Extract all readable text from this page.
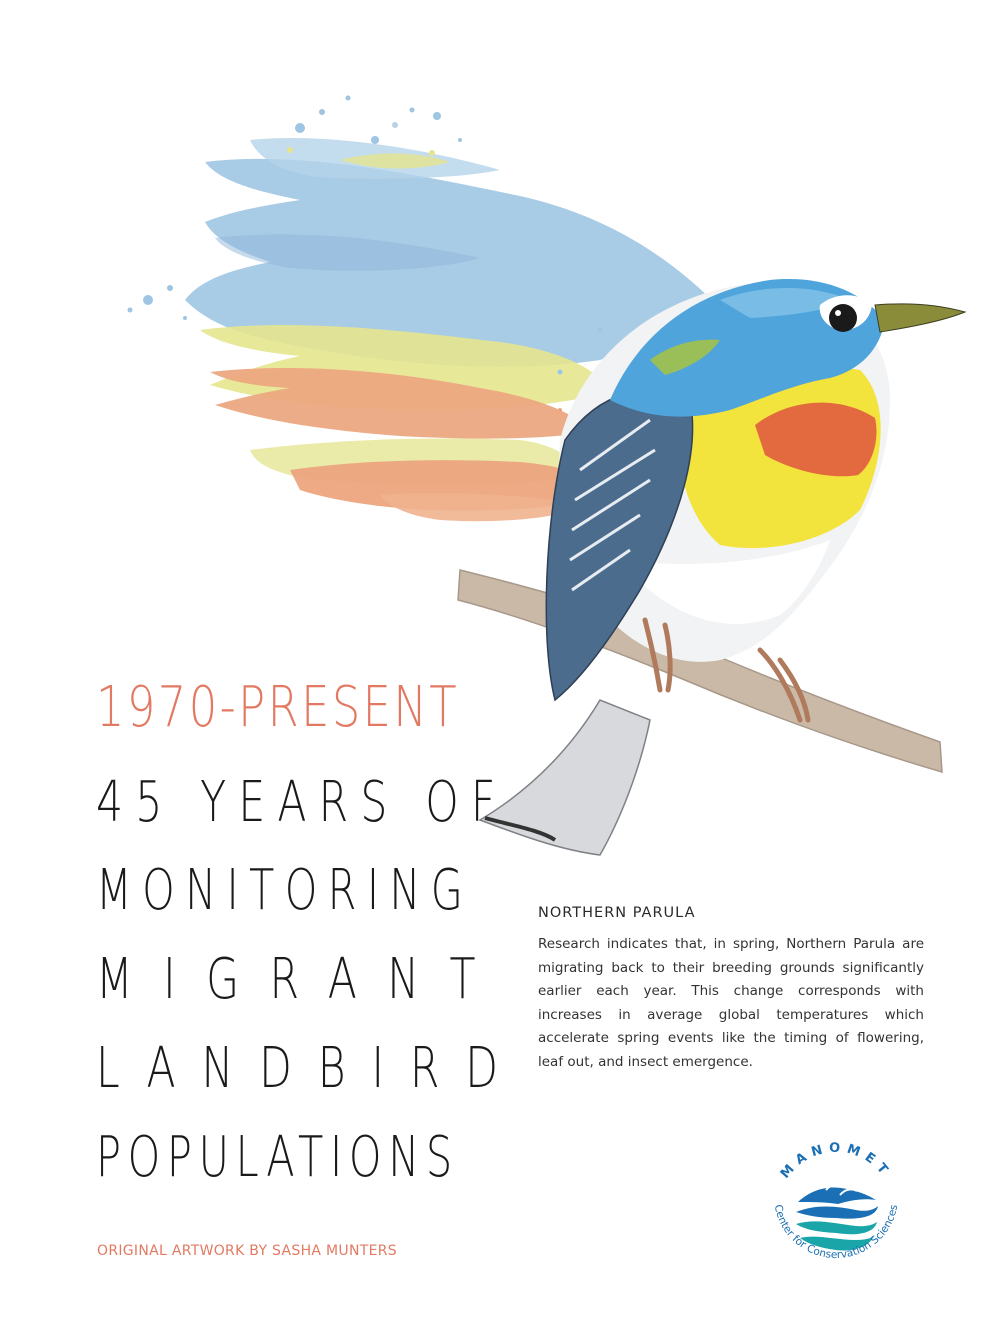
1970-PRESENT
45 YEARS OF
MONITORING
MIGRANT
LANDBIRD
POPULATIONS
ORIGINAL ARTWORK BY SASHA MUNTERS
NORTHERN PARULA

Research indicates that, in spring, Northern Parula are migrating back to their breeding grounds significantly earlier each year. This change corresponds with increases in average global temperatures which accelerate spring events like the timing of flowering, leaf out, and insect emergence.

MANOMET
Center for Conservation Sciences
